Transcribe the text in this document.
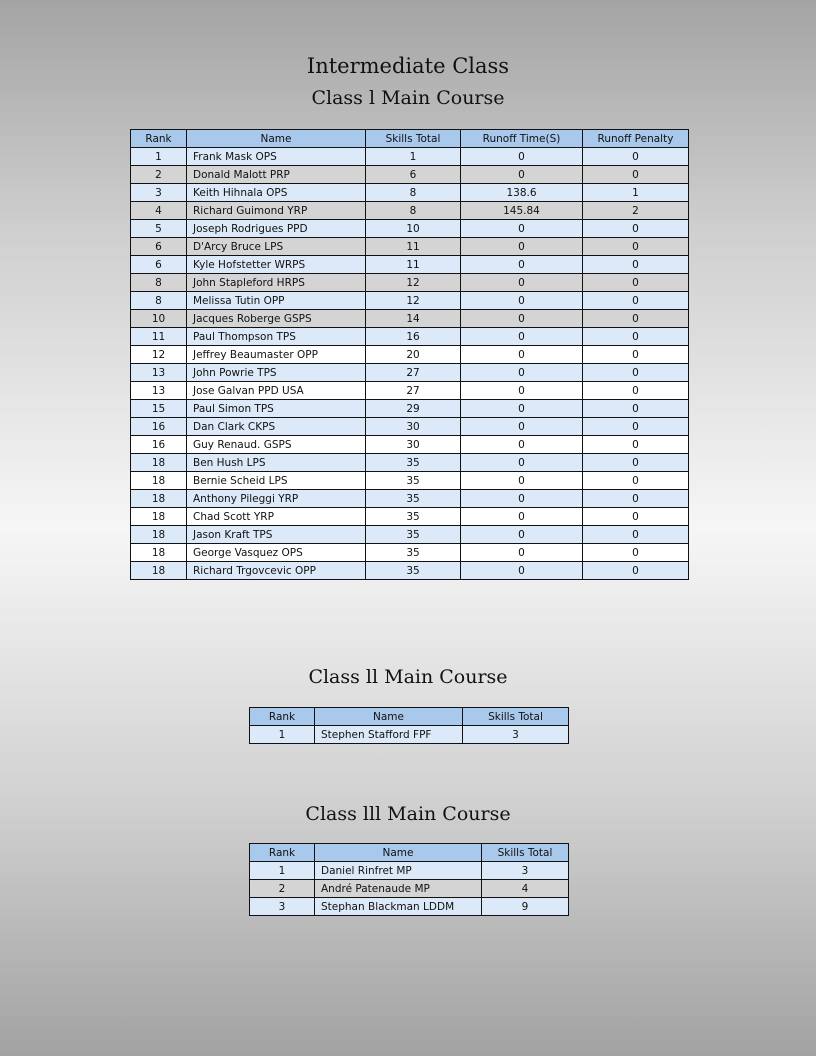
Intermediate Class
Class l Main Course
Rank	Name	Skills Total	Runoff Time(S)	Runoff Penalty
1	Frank Mask OPS	1	0	0
2	Donald Malott PRP	6	0	0
3	Keith Hihnala OPS	8	138.6	1
4	Richard Guimond YRP	8	145.84	2
5	Joseph Rodrigues PPD	10	0	0
6	D'Arcy Bruce LPS	11	0	0
6	Kyle Hofstetter WRPS	11	0	0
8	John Stapleford HRPS	12	0	0
8	Melissa Tutin OPP	12	0	0
10	Jacques Roberge GSPS	14	0	0
11	Paul Thompson TPS	16	0	0
12	Jeffrey Beaumaster OPP	20	0	0
13	John Powrie TPS	27	0	0
13	Jose Galvan PPD USA	27	0	0
15	Paul Simon TPS	29	0	0
16	Dan Clark CKPS	30	0	0
16	Guy Renaud. GSPS	30	0	0
18	Ben Hush LPS	35	0	0
18	Bernie Scheid LPS	35	0	0
18	Anthony Pileggi YRP	35	0	0
18	Chad Scott YRP	35	0	0
18	Jason Kraft TPS	35	0	0
18	George Vasquez OPS	35	0	0
18	Richard Trgovcevic OPP	35	0	0
Class ll Main Course
Rank	Name	Skills Total
1	Stephen Stafford FPF	3
Class lll Main Course
Rank	Name	Skills Total
1	Daniel Rinfret MP	3
2	André Patenaude MP	4
3	Stephan Blackman LDDM	9
